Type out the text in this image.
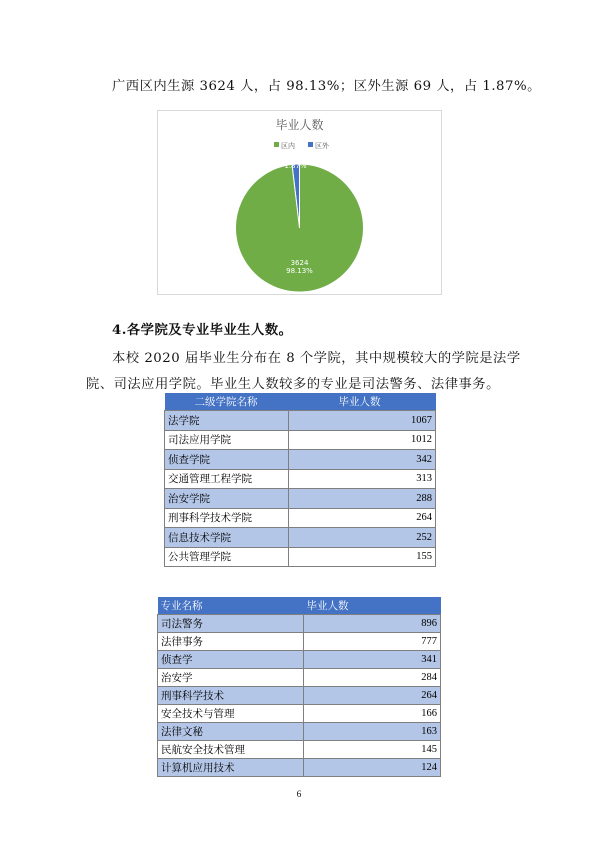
广西区内生源 3624 人，占 98.13%；区外生源 69 人，占 1.87%。
毕业人数
区内	区外
3624
98.13%
69
1.87%
4.各学院及专业毕业生人数。
本校 2020 届毕业生分布在 8 个学院，其中规模较大的学院是法学
院、司法应用学院。毕业生人数较多的专业是司法警务、法律事务。
二级学院名称	毕业人数
法学院	1067
司法应用学院	1012
侦查学院	342
交通管理工程学院	313
治安学院	288
刑事科学技术学院	264
信息技术学院	252
公共管理学院	155
专业名称	毕业人数
司法警务	896
法律事务	777
侦查学	341
治安学	284
刑事科学技术	264
安全技术与管理	166
法律文秘	163
民航安全技术管理	145
计算机应用技术	124
6
